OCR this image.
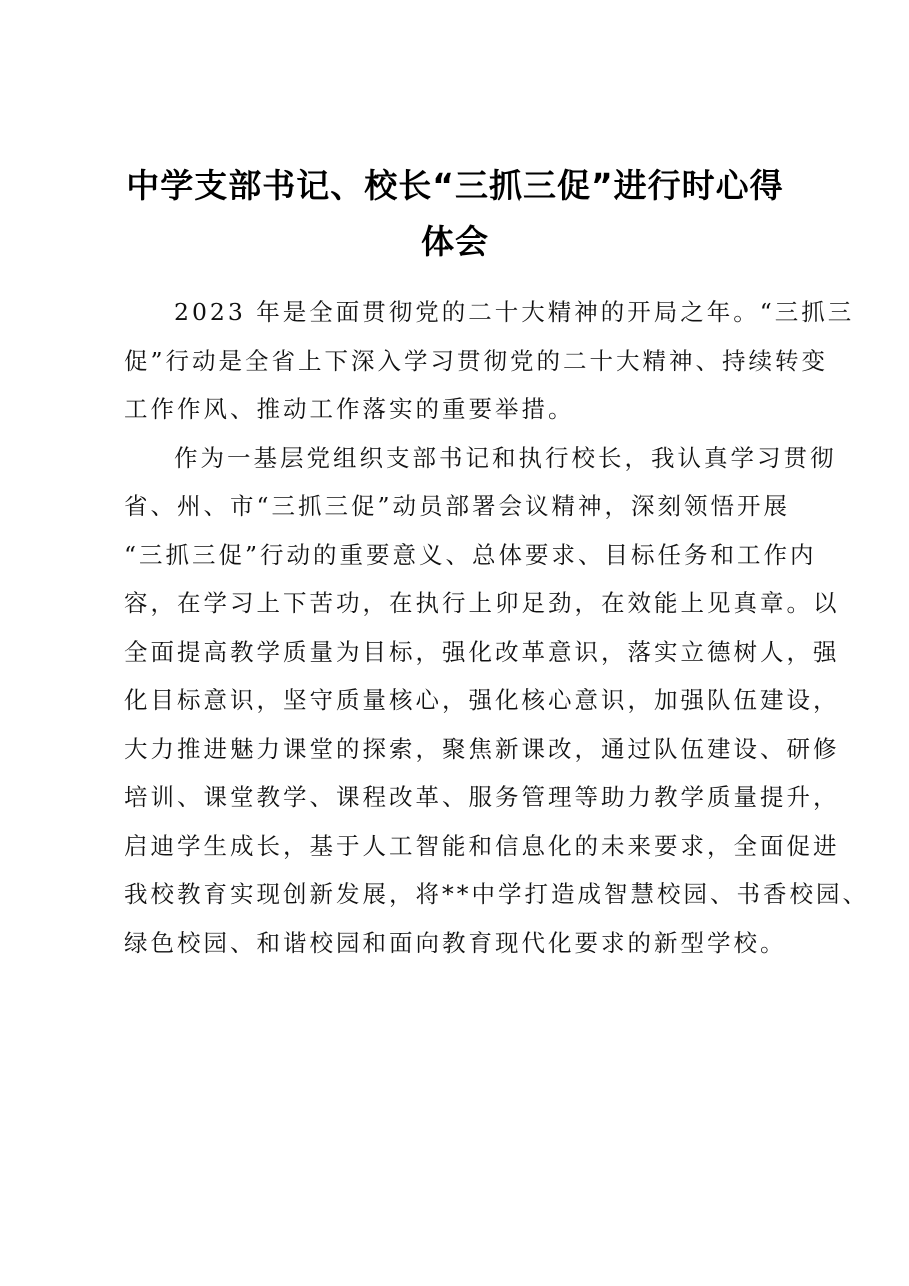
中学支部书记、校长“三抓三促”进行时心得
体会

2023 年是全面贯彻党的二十大精神的开局之年。“三抓三
促”行动是全省上下深入学习贯彻党的二十大精神、持续转变
工作作风、推动工作落实的重要举措。

作为一基层党组织支部书记和执行校长，我认真学习贯彻
省、州、市“三抓三促”动员部署会议精神，深刻领悟开展
“三抓三促”行动的重要意义、总体要求、目标任务和工作内
容，在学习上下苦功，在执行上卯足劲，在效能上见真章。以
全面提高教学质量为目标，强化改革意识，落实立德树人，强
化目标意识，坚守质量核心，强化核心意识，加强队伍建设，
大力推进魅力课堂的探索，聚焦新课改，通过队伍建设、研修
培训、课堂教学、课程改革、服务管理等助力教学质量提升，
启迪学生成长，基于人工智能和信息化的未来要求，全面促进
我校教育实现创新发展，将**中学打造成智慧校园、书香校园、
绿色校园、和谐校园和面向教育现代化要求的新型学校。
